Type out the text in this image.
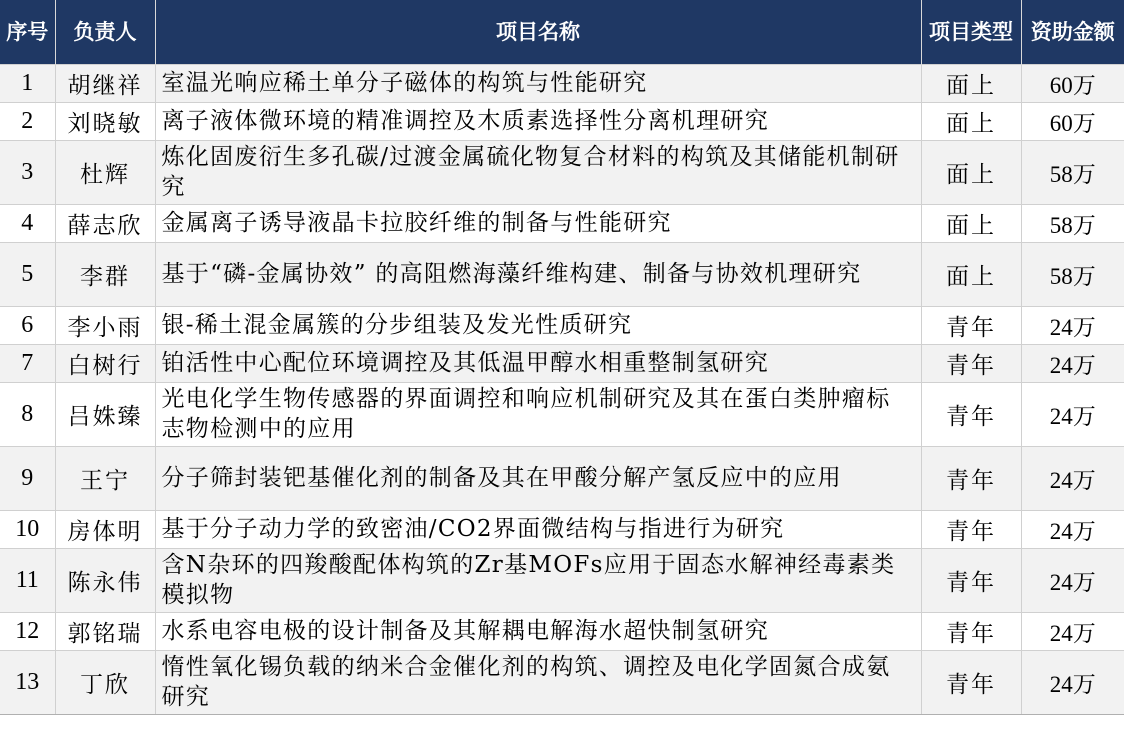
序号	负责人	项目名称	项目类型	资助金额
1	胡继祥	室温光响应稀土单分子磁体的构筑与性能研究	面上	60万
2	刘晓敏	离子液体微环境的精准调控及木质素选择性分离机理研究	面上	60万
3	杜辉	炼化固废衍生多孔碳/过渡金属硫化物复合材料的构筑及其储能机制研究	面上	58万
4	薛志欣	金属离子诱导液晶卡拉胶纤维的制备与性能研究	面上	58万
5	李群	基于“磷-金属协效” 的高阻燃海藻纤维构建、制备与协效机理研究	面上	58万
6	李小雨	银-稀土混金属簇的分步组装及发光性质研究	青年	24万
7	白树行	铂活性中心配位环境调控及其低温甲醇水相重整制氢研究	青年	24万
8	吕姝臻	光电化学生物传感器的界面调控和响应机制研究及其在蛋白类肿瘤标志物检测中的应用	青年	24万
9	王宁	分子筛封装钯基催化剂的制备及其在甲酸分解产氢反应中的应用	青年	24万
10	房体明	基于分子动力学的致密油/CO2界面微结构与指进行为研究	青年	24万
11	陈永伟	含N杂环的四羧酸配体构筑的Zr基MOFs应用于固态水解神经毒素类模拟物	青年	24万
12	郭铭瑞	水系电容电极的设计制备及其解耦电解海水超快制氢研究	青年	24万
13	丁欣	惰性氧化锡负载的纳米合金催化剂的构筑、调控及电化学固氮合成氨研究	青年	24万
